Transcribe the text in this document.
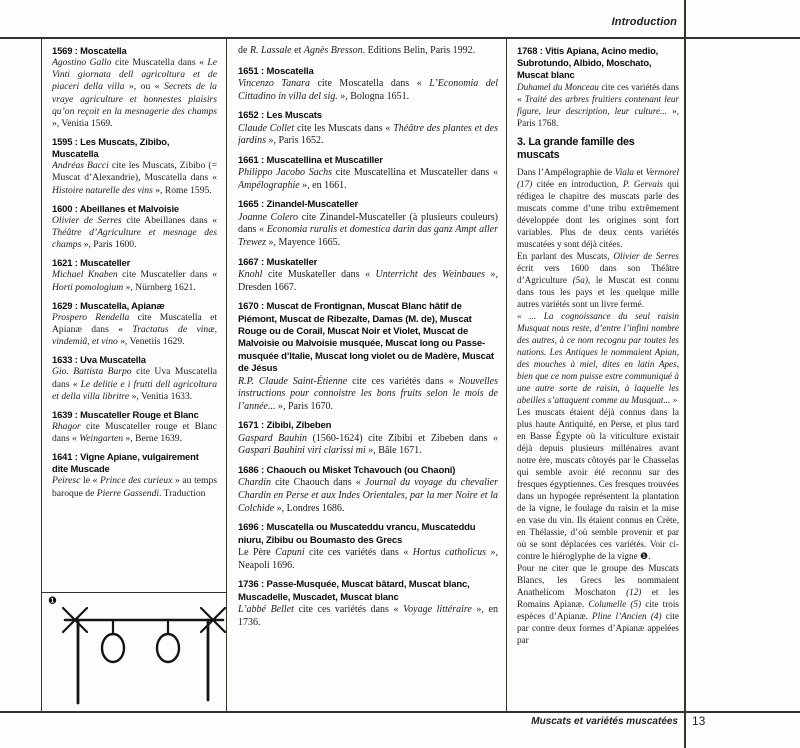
Introduction
1569 : Moscatella

Agostino Gallo cite Muscatella dans « Le Vinti giornata dell agricoltura et de piaceri della villa », ou « Secrets de la vraye agriculture et honnestes plaisirs qu’on reçoit en la mesnagerie des champs », Venitia 1569.

1595 : Les Muscats, Zibibo, Muscatella

Andréas Bacci cite les Muscats, Zibibo (= Muscat d’Alexandrie), Muscatella dans « Histoire naturelle des vins », Rome 1595.

1600 : Abeillanes et Malvoisie

Olivier de Serres cite Abeillanes dans « Théâtre d’Agriculture et mesnage des champs », Paris 1600.

1621 : Muscateller

Michael Knaben cite Muscateller dans « Horti pomologium », Nürnberg 1621.

1629 : Muscatella, Apianæ

Prospero Rendella cite Muscatella et Apianæ dans « Tractatus de vinæ, vindemiâ, et vino », Venetiis 1629.

1633 : Uva Muscatella

Gio. Battista Barpo cite Uva Muscatella dans « Le delitie e i frutti dell agricoltura et della villa libritre », Venitia 1633.

1639 : Muscateller Rouge et Blanc

Rhagor cite Muscateller rouge et Blanc dans « Weingarten », Berne 1639.

1641 : Vigne Apiane, vulgairement dite Muscade

Peiresc le « Prince des curieux » au temps baroque de Pierre Gassendi. Traduction

de R. Lassale et Agnès Bresson. Éditions Belin, Paris 1992.

1651 : Moscatella

Vincenzo Tanara cite Moscatella dans « L’Economia del Cittadino in villa del sig. », Bologna 1651.

1652 : Les Muscats

Claude Collet cite les Muscats dans « Théâtre des plantes et des jardins », Paris 1652.

1661 : Muscatellina et Muscatiller

Philippo Jacobo Sachs cite Muscatellina et Muscateller dans « Ampélographie », en 1661.

1665 : Zinandel-Muscateller

Joanne Colero cite Zinandel-Muscateller (à plusieurs couleurs) dans « Economia ruralis et domestica darin das ganz Ampt aller Trewez », Mayence 1665.

1667 : Muskateller

Knohl cite Muskateller dans « Unterricht des Weinbaues », Dresden 1667.

1670 : Muscat de Frontignan, Muscat Blanc hâtif de Piémont, Muscat de Ribezalte, Damas (M. de), Muscat Rouge ou de Corail, Muscat Noir et Violet, Muscat de Malvoisie ou Malvoisie musquée, Muscat long ou Passe-musquée d’Italie, Muscat long violet ou de Madère, Muscat de Jésus

R.P. Claude Saint-Étienne cite ces variétés dans « Nouvelles instructions pour connoistre les bons fruits selon le mois de l’année... », Paris 1670.

1671 : Zibibi, Zibeben

Gaspard Bauhin (1560-1624) cite Zibibi et Zibeben dans « Gaspari Bauhini viri clarissi mi », Bâle 1671.

1686 : Chaouch ou Misket Tchavouch (ou Chaoni)

Chardin cite Chaouch dans « Journal du voyage du chevalier Chardin en Perse et aux Indes Orientales, par la mer Noire et la Colchide », Londres 1686.

1696 : Muscatella ou Muscateddu vrancu, Muscateddu niuru, Zibibu ou Boumasto des Grecs

Le Père Capuni cite ces variétés dans « Hortus catholicus », Neapoli 1696.

1736 : Passe-Musquée, Muscat bâtard, Muscat blanc, Muscadelle, Muscadet, Muscat blanc

L’abbé Bellet cite ces variétés dans « Voyage littéraire », en 1736.

1768 : Vitis Apiana, Acino medio, Subrotundo, Albido, Moschato, Muscat blanc

Duhamel du Monceau cite ces variétés dans « Traité des arbres fruitiers contenant leur figure, leur description, leur culture... », Paris 1768.

3. La grande famille des muscats

Dans l’Ampélographie de Viala et Vermorel (17) citée en introduction, P. Gervais qui rédigea le chapitre des muscats parle des muscats comme d’une tribu extrêmement développée dont les origines sont fort variables. Plus de deux cents variétés muscatées y sont déjà citées.

En parlant des Muscats, Olivier de Serres écrit vers 1600 dans son Théâtre d’Agriculture (5a), le Muscat est connu dans tous les pays et les quelque mille autres variétés sont un livre fermé.

« ... La cognoissance du seul raisin Musquat nous reste, d’entre l’infini nombre des autres, à ce nom recognu par toutes les nations. Les Antiques le nommaient Apian, des mouches à miel, dites en latin Apes, bien que ce nom puisse estre communiqué à une autre sorte de raisin, à laquelle les abeilles s’attaquent comme au Musquat... »

Les muscats étaient déjà connus dans la plus haute Antiquité, en Perse, et plus tard en Basse Égypte où la viticulture existait déjà depuis plusieurs millénaires avant notre ère, muscats côtoyés par le Chasselas qui semble avoir été reconnu sur des fresques égyptiennes. Ces fresques trouvées dans un hypogée représentent la plantation de la vigne, le foulage du raisin et la mise en vase du vin. Ils étaient connus en Crète, en Thélassie, d’où semble provenir et par où se sont déplacées ces variétés. Voir ci-contre le hiéroglyphe de la vigne ❶.

Pour ne citer que le groupe des Muscats Blancs, les Grecs les nommaient Anathelicom Moschaton (12) et les Romains Apianæ. Columelle (5) cite trois espèces d’Apianæ. Pline l’Ancien (4) cite par contre deux formes d’Apianæ appelées par

❶
Muscats et variétés muscatées 13
